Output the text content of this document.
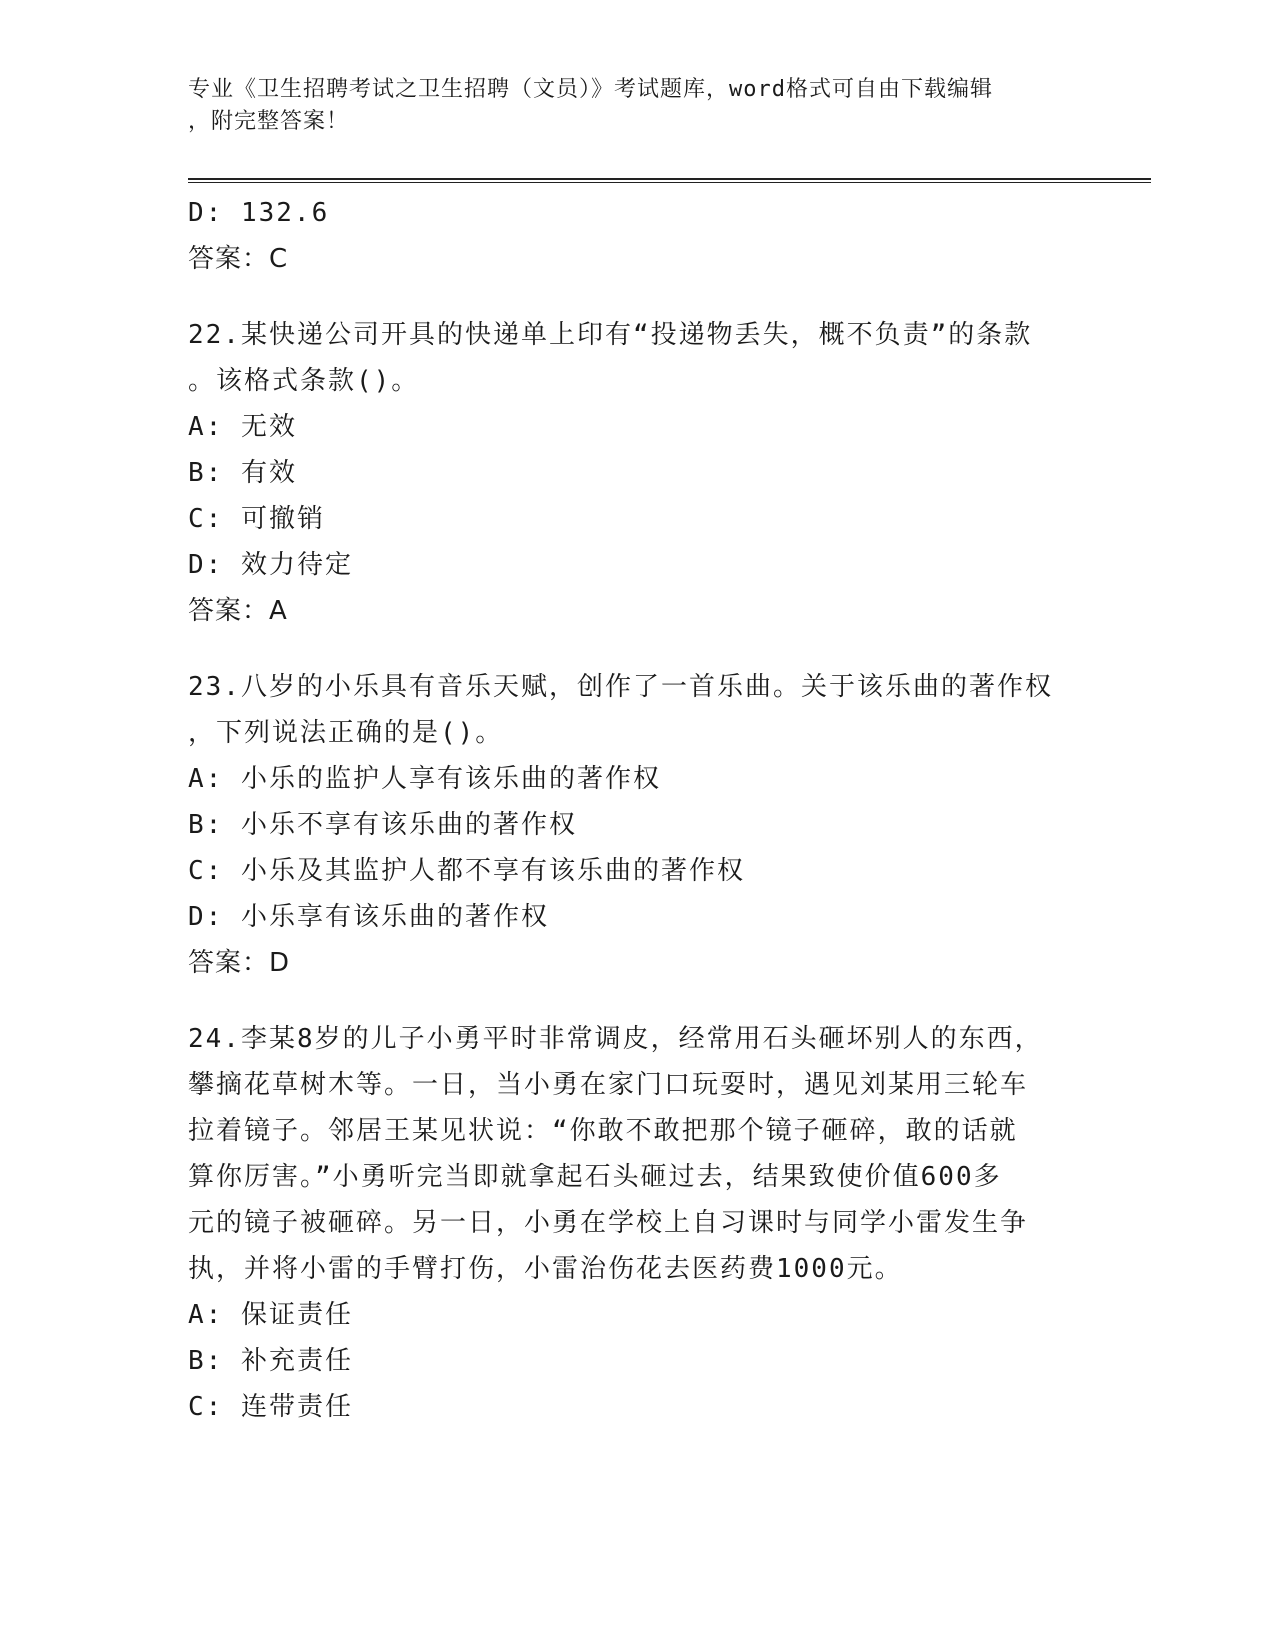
专业《卫生招聘考试之卫生招聘（文员）》考试题库，word格式可自由下载编辑
，附完整答案！
D: 132.6
答案：C
22.某快递公司开具的快递单上印有“投递物丢失，概不负责”的条款
。该格式条款()。
A: 无效
B: 有效
C: 可撤销
D: 效力待定
答案：A
23.八岁的小乐具有音乐天赋，创作了一首乐曲。关于该乐曲的著作权
，下列说法正确的是()。
A: 小乐的监护人享有该乐曲的著作权
B: 小乐不享有该乐曲的著作权
C: 小乐及其监护人都不享有该乐曲的著作权
D: 小乐享有该乐曲的著作权
答案：D
24.李某8岁的儿子小勇平时非常调皮，经常用石头砸坏别人的东西，
攀摘花草树木等。一日，当小勇在家门口玩耍时，遇见刘某用三轮车
拉着镜子。邻居王某见状说：“你敢不敢把那个镜子砸碎，敢的话就
算你厉害。”小勇听完当即就拿起石头砸过去，结果致使价值600多
元的镜子被砸碎。另一日，小勇在学校上自习课时与同学小雷发生争
执，并将小雷的手臂打伤，小雷治伤花去医药费1000元。
A: 保证责任
B: 补充责任
C: 连带责任
